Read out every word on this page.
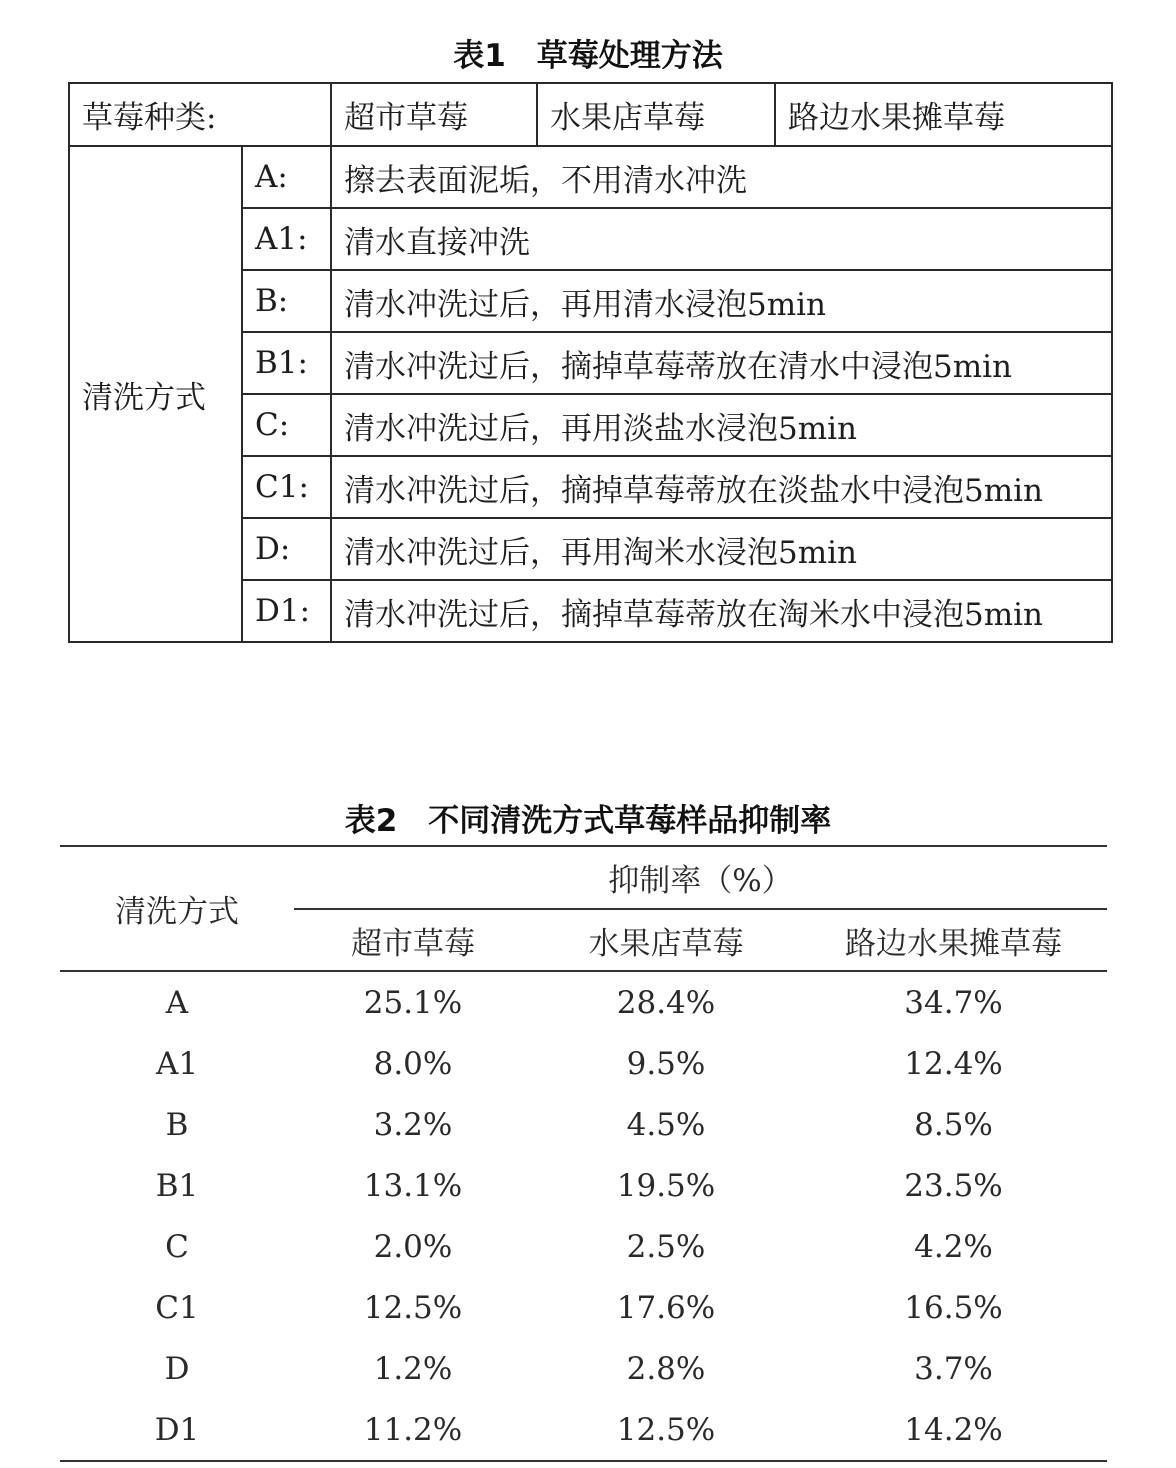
表1　草莓处理方法
草莓种类:		超市草莓	水果店草莓	路边水果摊草莓
清洗方式	A:	擦去表面泥垢，不用清水冲洗		
	A1:	清水直接冲洗		
	B:	清水冲洗过后，再用清水浸泡5min		
	B1:	清水冲洗过后，摘掉草莓蒂放在清水中浸泡5min		
	C:	清水冲洗过后，再用淡盐水浸泡5min		
	C1:	清水冲洗过后，摘掉草莓蒂放在淡盐水中浸泡5min		
	D:	清水冲洗过后，再用淘米水浸泡5min		
	D1:	清水冲洗过后，摘掉草莓蒂放在淘米水中浸泡5min		
表2　不同清洗方式草莓样品抑制率
清洗方式	抑制率（%）		
	超市草莓	水果店草莓	路边水果摊草莓
A	25.1%	28.4%	34.7%
A1	8.0%	9.5%	12.4%
B	3.2%	4.5%	8.5%
B1	13.1%	19.5%	23.5%
C	2.0%	2.5%	4.2%
C1	12.5%	17.6%	16.5%
D	1.2%	2.8%	3.7%
D1	11.2%	12.5%	14.2%
